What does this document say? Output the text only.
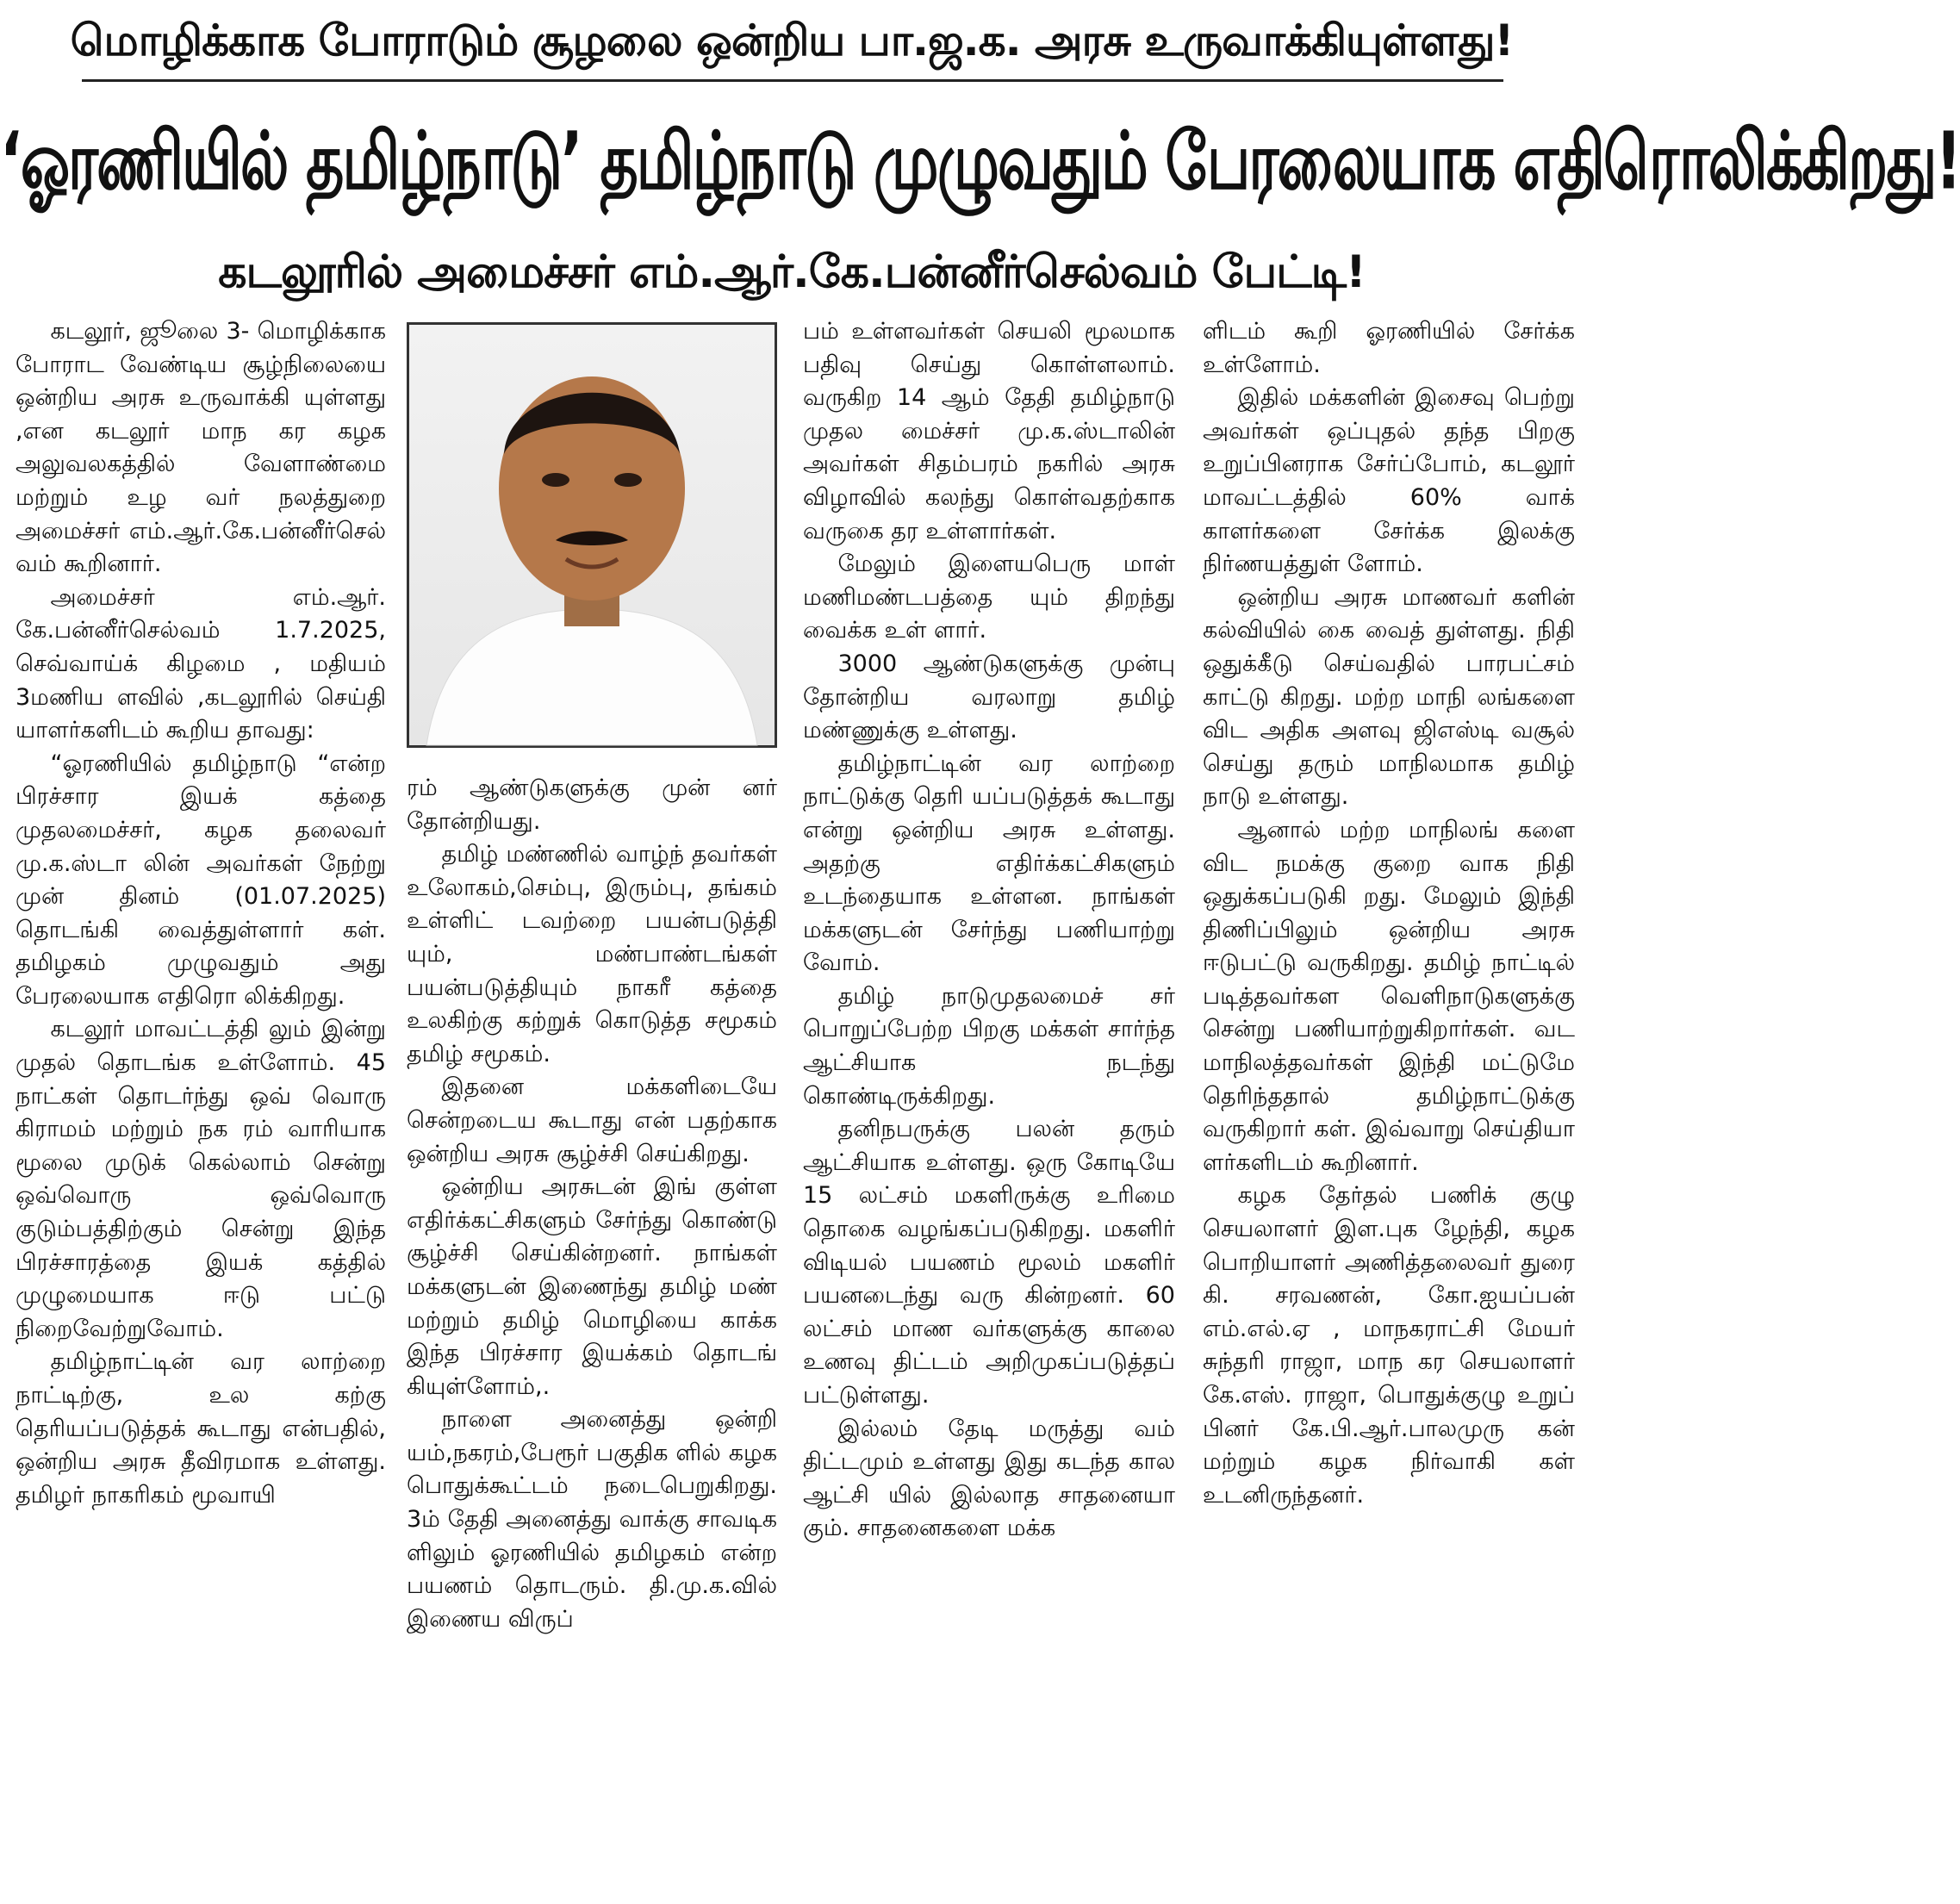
மொழிக்காக போராடும் சூழலை ஒன்றிய பா.ஜ.க. அரசு உருவாக்கியுள்ளது!
‘ஓரணியில் தமிழ்நாடு’ தமிழ்நாடு முழுவதும் பேரலையாக எதிரொலிக்கிறது!
கடலூரில் அமைச்சர் எம்.ஆர்.கே.பன்னீர்செல்வம் பேட்டி!

கடலூர், ஜூலை 3- மொழிக்காக போராட வேண்டிய சூழ்நிலையை ஒன்றிய அரசு உருவாக்கி யுள்ளது ,என கடலூர் மாந கர கழக அலுவலகத்தில் வேளாண்மை மற்றும் உழ வர் நலத்துறை அமைச்சர் எம்.ஆர்.கே.பன்னீர்செல் வம் கூறினார்.

அமைச்சர் எம்.ஆர். கே.பன்னீர்செல்வம் 1.7.2025, செவ்வாய்க் கிழமை , மதியம் 3மணிய ளவில் ,கடலூரில் செய்தி யாளர்களிடம் கூறிய தாவது:

“ஓரணியில் தமிழ்நாடு “என்ற பிரச்சார இயக் கத்தை முதலமைச்சர், கழக தலைவர் மு.க.ஸ்டா லின் அவர்கள் நேற்று முன் தினம் (01.07.2025) தொடங்கி வைத்துள்ளார் கள். தமிழகம் முழுவதும் அது பேரலையாக எதிரொ லிக்கிறது.

கடலூர் மாவட்டத்தி லும் இன்று முதல் தொடங்க உள்ளோம். 45 நாட்கள் தொடர்ந்து ஒவ் வொரு கிராமம் மற்றும் நக ரம் வாரியாக மூலை முடுக் கெல்லாம் சென்று ஒவ்வொரு ஒவ்வொரு குடும்பத்திற்கும் சென்று இந்த பிரச்சாரத்தை இயக் கத்தில் முழுமையாக ஈடு பட்டு நிறைவேற்றுவோம்.

தமிழ்நாட்டின் வர லாற்றை நாட்டிற்கு, உல கற்கு தெரியப்படுத்தக் கூடாது என்பதில், ஒன்றிய அரசு தீவிரமாக உள்ளது. தமிழர் நாகரிகம் மூவாயி

ரம் ஆண்டுகளுக்கு முன் னர் தோன்றியது.

தமிழ் மண்ணில் வாழ்ந் தவர்கள் உலோகம்,செம்பு, இரும்பு, தங்கம் உள்ளிட் டவற்றை பயன்படுத்தி யும், மண்பாண்டங்கள் பயன்படுத்தியும் நாகரீ கத்தை உலகிற்கு கற்றுக் கொடுத்த சமூகம் தமிழ் சமூகம்.

இதனை மக்களிடையே சென்றடைய கூடாது என் பதற்காக ஒன்றிய அரசு சூழ்ச்சி செய்கிறது.

ஒன்றிய அரசுடன் இங் குள்ள எதிர்க்கட்சிகளும் சேர்ந்து கொண்டு சூழ்ச்சி செய்கின்றனர். நாங்கள் மக்களுடன் இணைந்து தமிழ் மண் மற்றும் தமிழ் மொழியை காக்க இந்த பிரச்சார இயக்கம் தொடங் கியுள்ளோம்,.

நாளை அனைத்து ஒன்றி யம்,நகரம்,பேரூர் பகுதிக ளில் கழக பொதுக்கூட்டம் நடைபெறுகிறது. 3ம் தேதி அனைத்து வாக்கு சாவடிக ளிலும் ஓரணியில் தமிழகம் என்ற பயணம் தொடரும். தி.மு.க.வில் இணைய விருப்

பம் உள்ளவர்கள் செயலி மூலமாக பதிவு செய்து கொள்ளலாம். வருகிற 14 ஆம் தேதி தமிழ்நாடு முதல மைச்சர் மு.க.ஸ்டாலின் அவர்கள் சிதம்பரம் நகரில் அரசு விழாவில் கலந்து கொள்வதற்காக வருகை தர உள்ளார்கள்.

மேலும் இளையபெரு மாள் மணிமண்டபத்தை யும் திறந்து வைக்க உள் ளார்.

3000 ஆண்டுகளுக்கு முன்பு தோன்றிய வரலாறு தமிழ் மண்ணுக்கு உள்ளது.

தமிழ்நாட்டின் வர லாற்றை நாட்டுக்கு தெரி யப்படுத்தக் கூடாது என்று ஒன்றிய அரசு உள்ளது. அதற்கு எதிர்க்கட்சிகளும் உடந்தையாக உள்ளன. நாங்கள் மக்களுடன் சேர்ந்து பணியாற்று வோம்.

தமிழ் நாடுமுதலமைச் சர் பொறுப்பேற்ற பிறகு மக்கள் சார்ந்த ஆட்சியாக நடந்து கொண்டிருக்கிறது.

தனிநபருக்கு பலன் தரும் ஆட்சியாக உள்ளது. ஒரு கோடியே 15 லட்சம் மகளிருக்கு உரிமை தொகை வழங்கப்படுகிறது. மகளிர் விடியல் பயணம் மூலம் மகளிர் பயனடைந்து வரு கின்றனர். 60 லட்சம் மாண வர்களுக்கு காலை உணவு திட்டம் அறிமுகப்படுத்தப் பட்டுள்ளது.

இல்லம் தேடி மருத்து வம் திட்டமும் உள்ளது இது கடந்த கால ஆட்சி யில் இல்லாத சாதனையா கும். சாதனைகளை மக்க

ளிடம் கூறி ஓரணியில் சேர்க்க உள்ளோம்.

இதில் மக்களின் இசைவு பெற்று அவர்கள் ஒப்புதல் தந்த பிறகு உறுப்பினராக சேர்ப்போம், கடலூர் மாவட்டத்தில் 60% வாக் காளர்களை சேர்க்க இலக்கு நிர்ணயத்துள் ளோம்.

ஒன்றிய அரசு மாணவர் களின் கல்வியில் கை வைத் துள்ளது. நிதி ஒதுக்கீடு செய்வதில் பாரபட்சம் காட்டு கிறது. மற்ற மாநி லங்களை விட அதிக அளவு ஜிஎஸ்டி வசூல் செய்து தரும் மாநிலமாக தமிழ் நாடு உள்ளது.

ஆனால் மற்ற மாநிலங் களை விட நமக்கு குறை வாக நிதி ஒதுக்கப்படுகி றது. மேலும் இந்தி திணிப்பிலும் ஒன்றிய அரசு ஈடுபட்டு வருகிறது. தமிழ் நாட்டில் படித்தவர்கள வெளிநாடுகளுக்கு சென்று பணியாற்றுகிறார்கள். வட மாநிலத்தவர்கள் இந்தி மட்டுமே தெரிந்ததால் தமிழ்நாட்டுக்கு வருகிறார் கள். இவ்வாறு செய்தியா ளர்களிடம் கூறினார்.

கழக தேர்தல் பணிக் குழு செயலாளர் இள.புக ழேந்தி, கழக பொறியாளர் அணித்தலைவர் துரை கி. சரவணன், கோ.ஐயப்பன் எம்.எல்.ஏ , மாநகராட்சி மேயர் சுந்தரி ராஜா, மாந கர செயலாளர் கே.எஸ். ராஜா, பொதுக்குழு உறுப் பினர் கே.பி.ஆர்.பாலமுரு கன் மற்றும் கழக நிர்வாகி கள் உடனிருந்தனர்.
